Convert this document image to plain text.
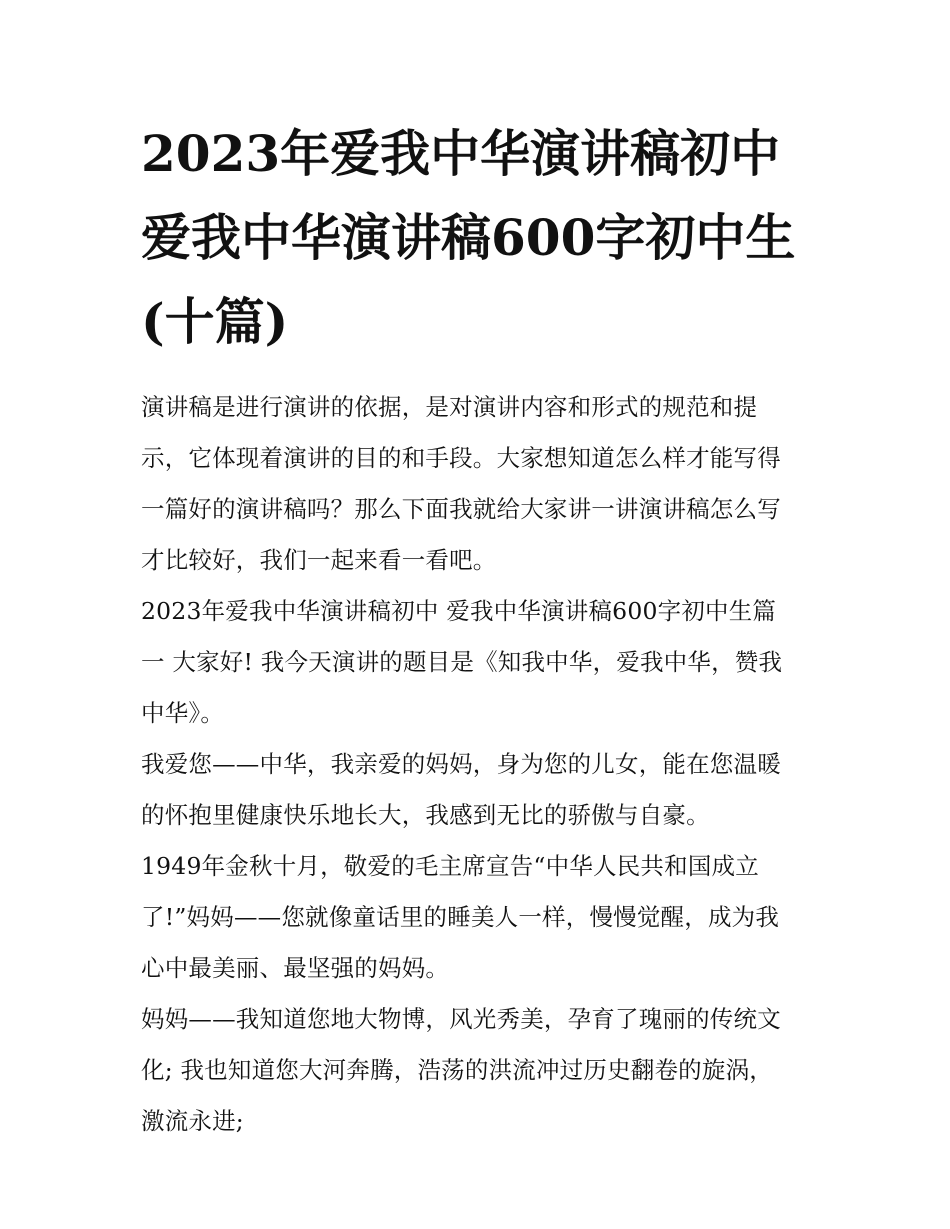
2023年爱我中华演讲稿初中
爱我中华演讲稿600字初中生
(十篇)

演讲稿是进行演讲的依据，是对演讲内容和形式的规范和提
示，它体现着演讲的目的和手段。大家想知道怎么样才能写得
一篇好的演讲稿吗？那么下面我就给大家讲一讲演讲稿怎么写
才比较好，我们一起来看一看吧。

2023年爱我中华演讲稿初中 爱我中华演讲稿600字初中生篇
一 大家好! 我今天演讲的题目是《知我中华，爱我中华，赞我
中华》。

我爱您——中华，我亲爱的妈妈，身为您的儿女，能在您温暖
的怀抱里健康快乐地长大，我感到无比的骄傲与自豪。

1949年金秋十月，敬爱的毛主席宣告“中华人民共和国成立
了!”妈妈——您就像童话里的睡美人一样，慢慢觉醒，成为我
心中最美丽、最坚强的妈妈。

妈妈——我知道您地大物博，风光秀美，孕育了瑰丽的传统文
化; 我也知道您大河奔腾，浩荡的洪流冲过历史翻卷的旋涡，
激流永进;
